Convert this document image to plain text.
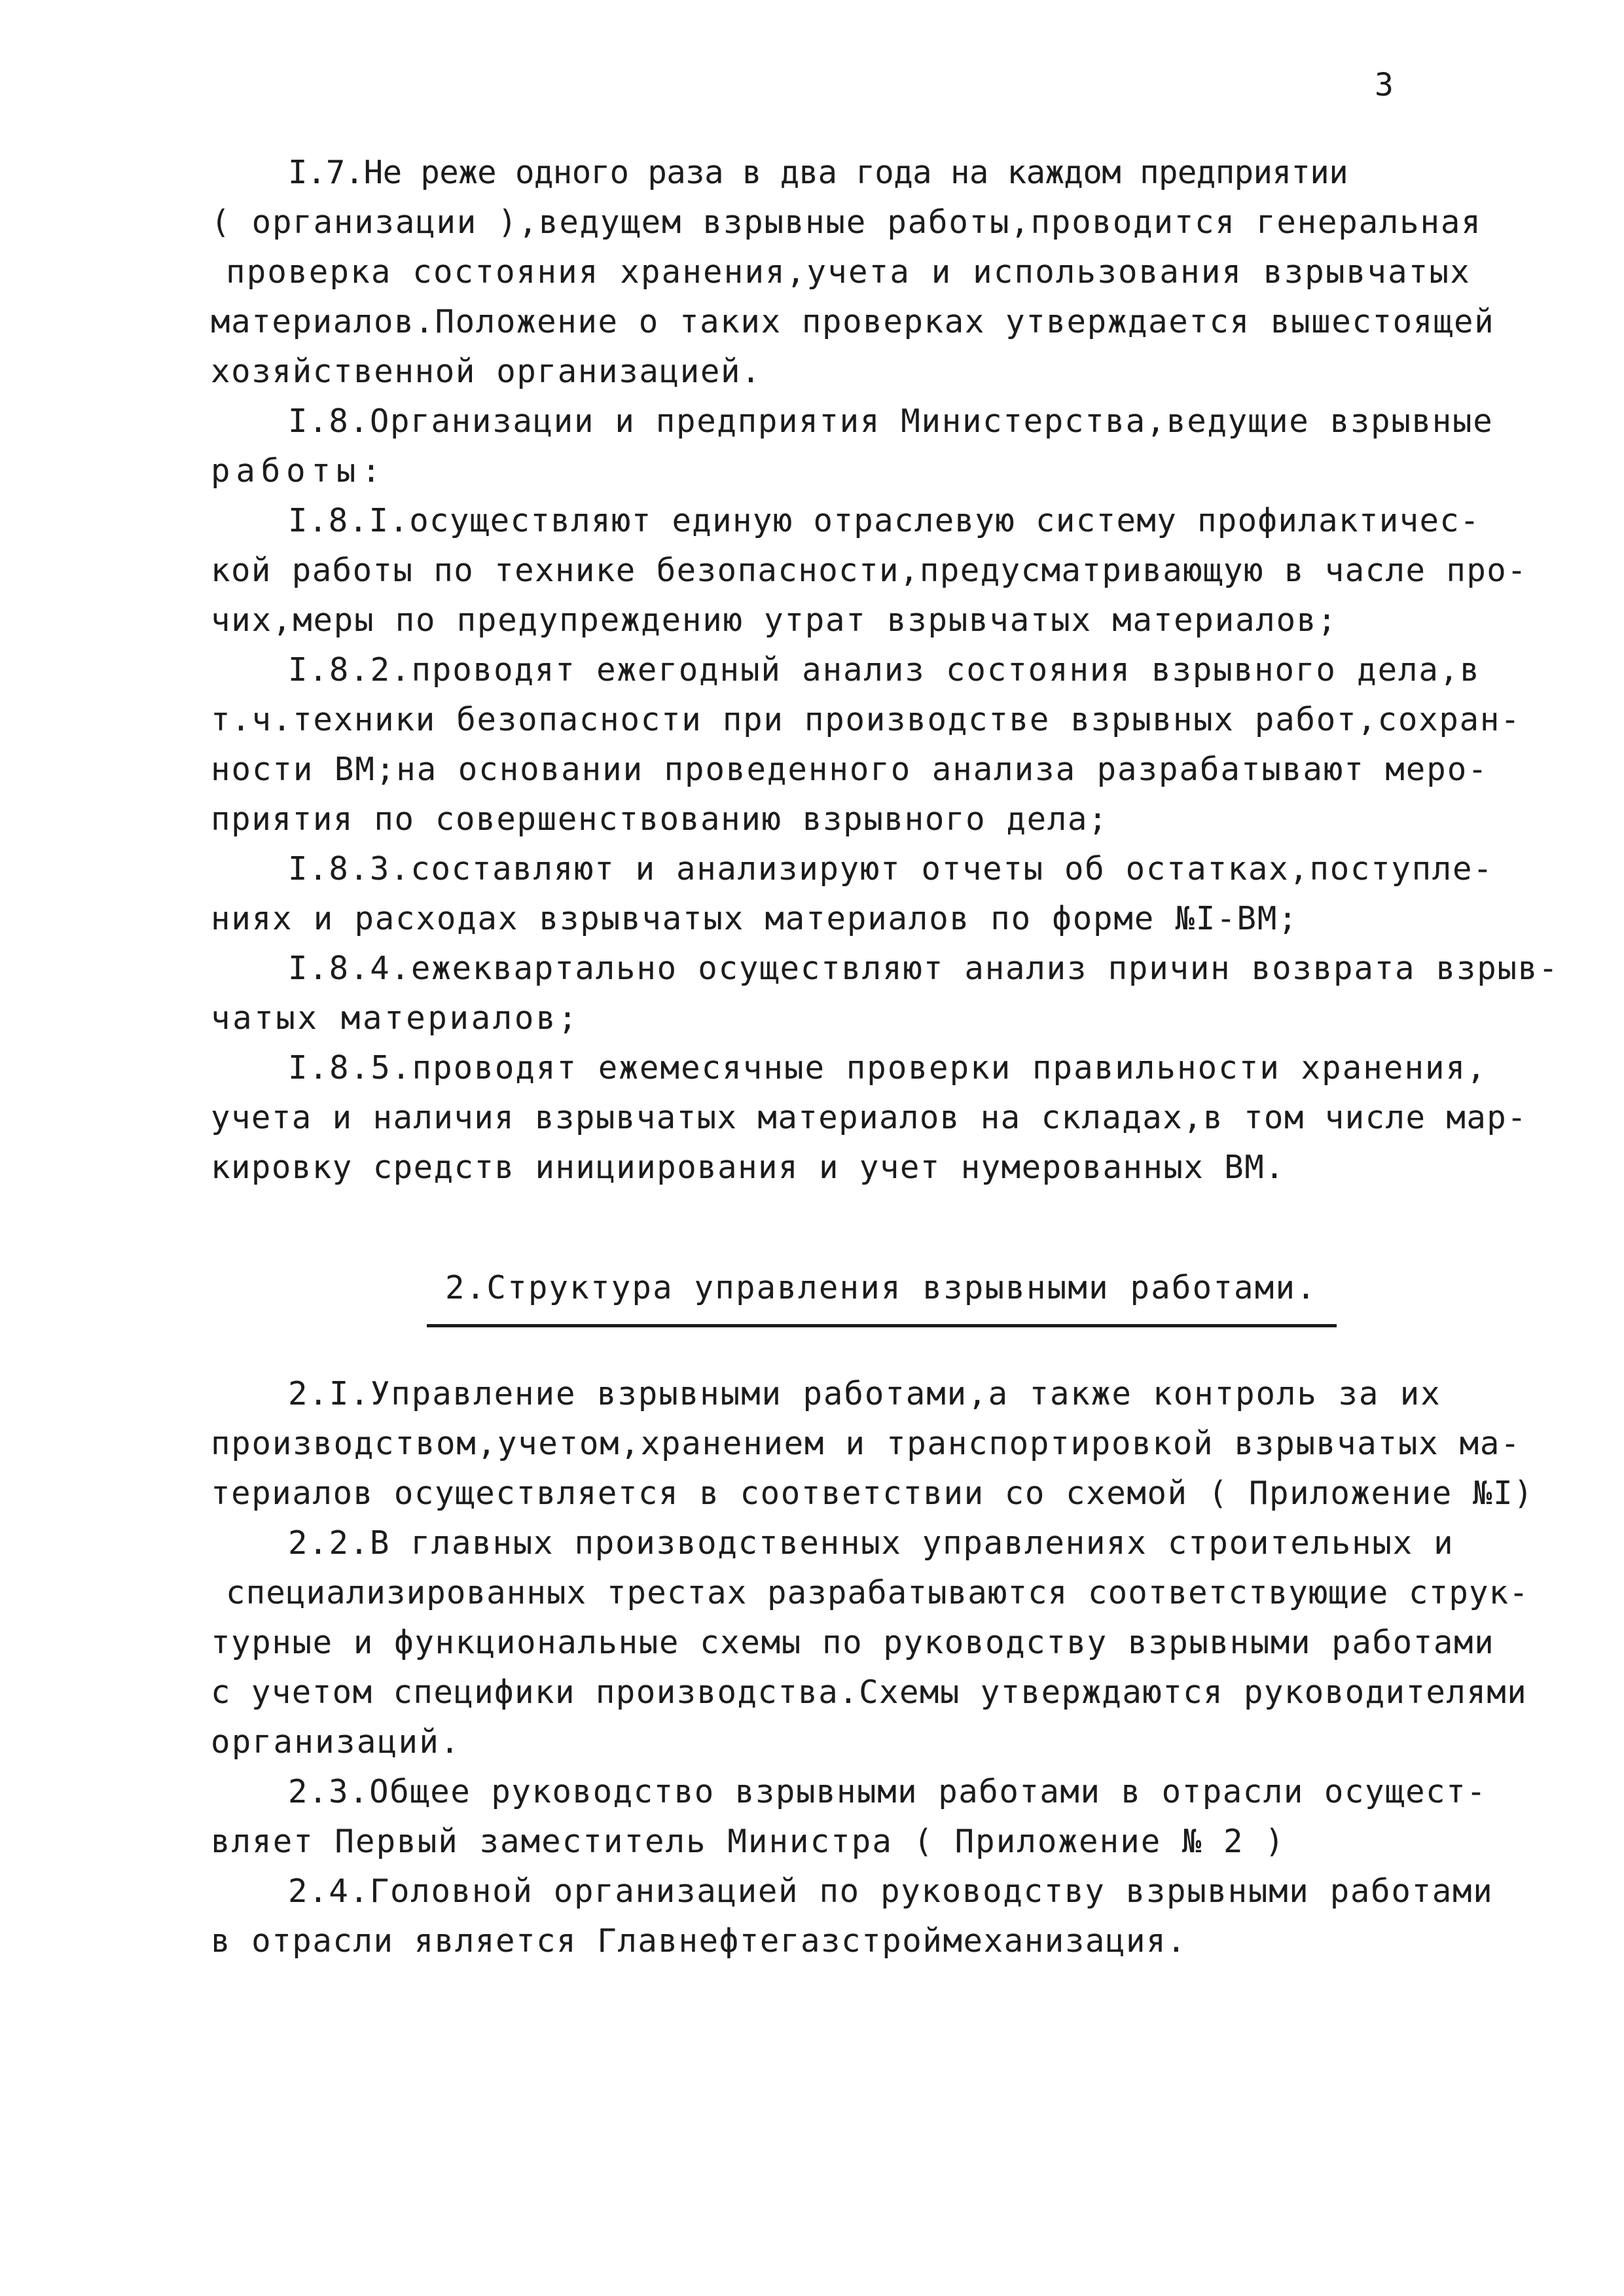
3
I.7.Не реже одного раза в два года на каждом предприятии
( организации ),ведущем взрывные работы,проводится генеральная
проверка состояния хранения,учета и использования взрывчатых
материалов.Положение о таких проверках утверждается вышестоящей
хозяйственной организацией.
I.8.Организации и предприятия Министерства,ведущие взрывные
работы:
I.8.I.осуществляют единую отраслевую систему профилактичес-
кой работы по технике безопасности,предусматривающую в часле про-
чих,меры по предупреждению утрат взрывчатых материалов;
I.8.2.проводят ежегодный анализ состояния взрывного дела,в
т.ч.техники безопасности при производстве взрывных работ,сохран-
ности ВМ;на основании проведенного анализа разрабатывают меро-
приятия по совершенствованию взрывного дела;
I.8.3.составляют и анализируют отчеты об остатках,поступле-
ниях и расходах взрывчатых материалов по форме №I-ВМ;
I.8.4.ежеквартально осуществляют анализ причин возврата взрыв-
чатых материалов;
I.8.5.проводят ежемесячные проверки правильности хранения,
учета и наличия взрывчатых материалов на складах,в том числе мар-
кировку средств инициирования и учет нумерованных ВМ.
2.Структура управления взрывными работами.
2.I.Управление взрывными работами,а также контроль за их
производством,учетом,хранением и транспортировкой взрывчатых ма-
териалов осуществляется в соответствии со схемой ( Приложение №I)
2.2.В главных производственных управлениях строительных и
специализированных трестах разрабатываются соответствующие струк-
турные и функциональные схемы по руководству взрывными работами
с учетом специфики производства.Схемы утверждаются руководителями
организаций.
2.3.Общее руководство взрывными работами в отрасли осущест-
вляет Первый заместитель Министра ( Приложение № 2 )
2.4.Головной организацией по руководству взрывными работами
в отрасли является Главнефтегазстроймеханизация.
